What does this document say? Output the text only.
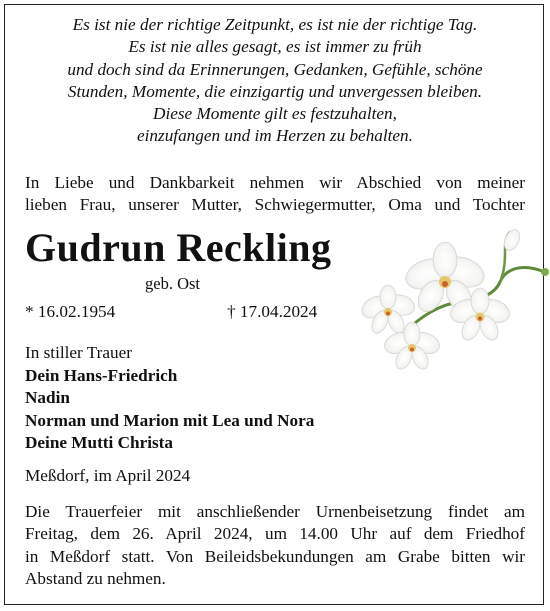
Es ist nie der richtige Zeitpunkt, es ist nie der richtige Tag.
Es ist nie alles gesagt, es ist immer zu früh
und doch sind da Erinnerungen, Gedanken, Gefühle, schöne
Stunden, Momente, die einzigartig und unvergessen bleiben.
Diese Momente gilt es festzuhalten,
einzufangen und im Herzen zu behalten.
In Liebe und Dankbarkeit nehmen wir Abschied von meiner
lieben Frau, unserer Mutter, Schwiegermutter, Oma und Tochter
Gudrun Reckling
geb. Ost
* 16.02.1954	† 17.04.2024
In stiller Trauer
Dein Hans-Friedrich
Nadin
Norman und Marion mit Lea und Nora
Deine Mutti Christa
Meßdorf, im April 2024
Die Trauerfeier mit anschließender Urnenbeisetzung findet am
Freitag, dem 26. April 2024, um 14.00 Uhr auf dem Friedhof
in Meßdorf statt. Von Beileidsbekundungen am Grabe bitten wir
Abstand zu nehmen.
